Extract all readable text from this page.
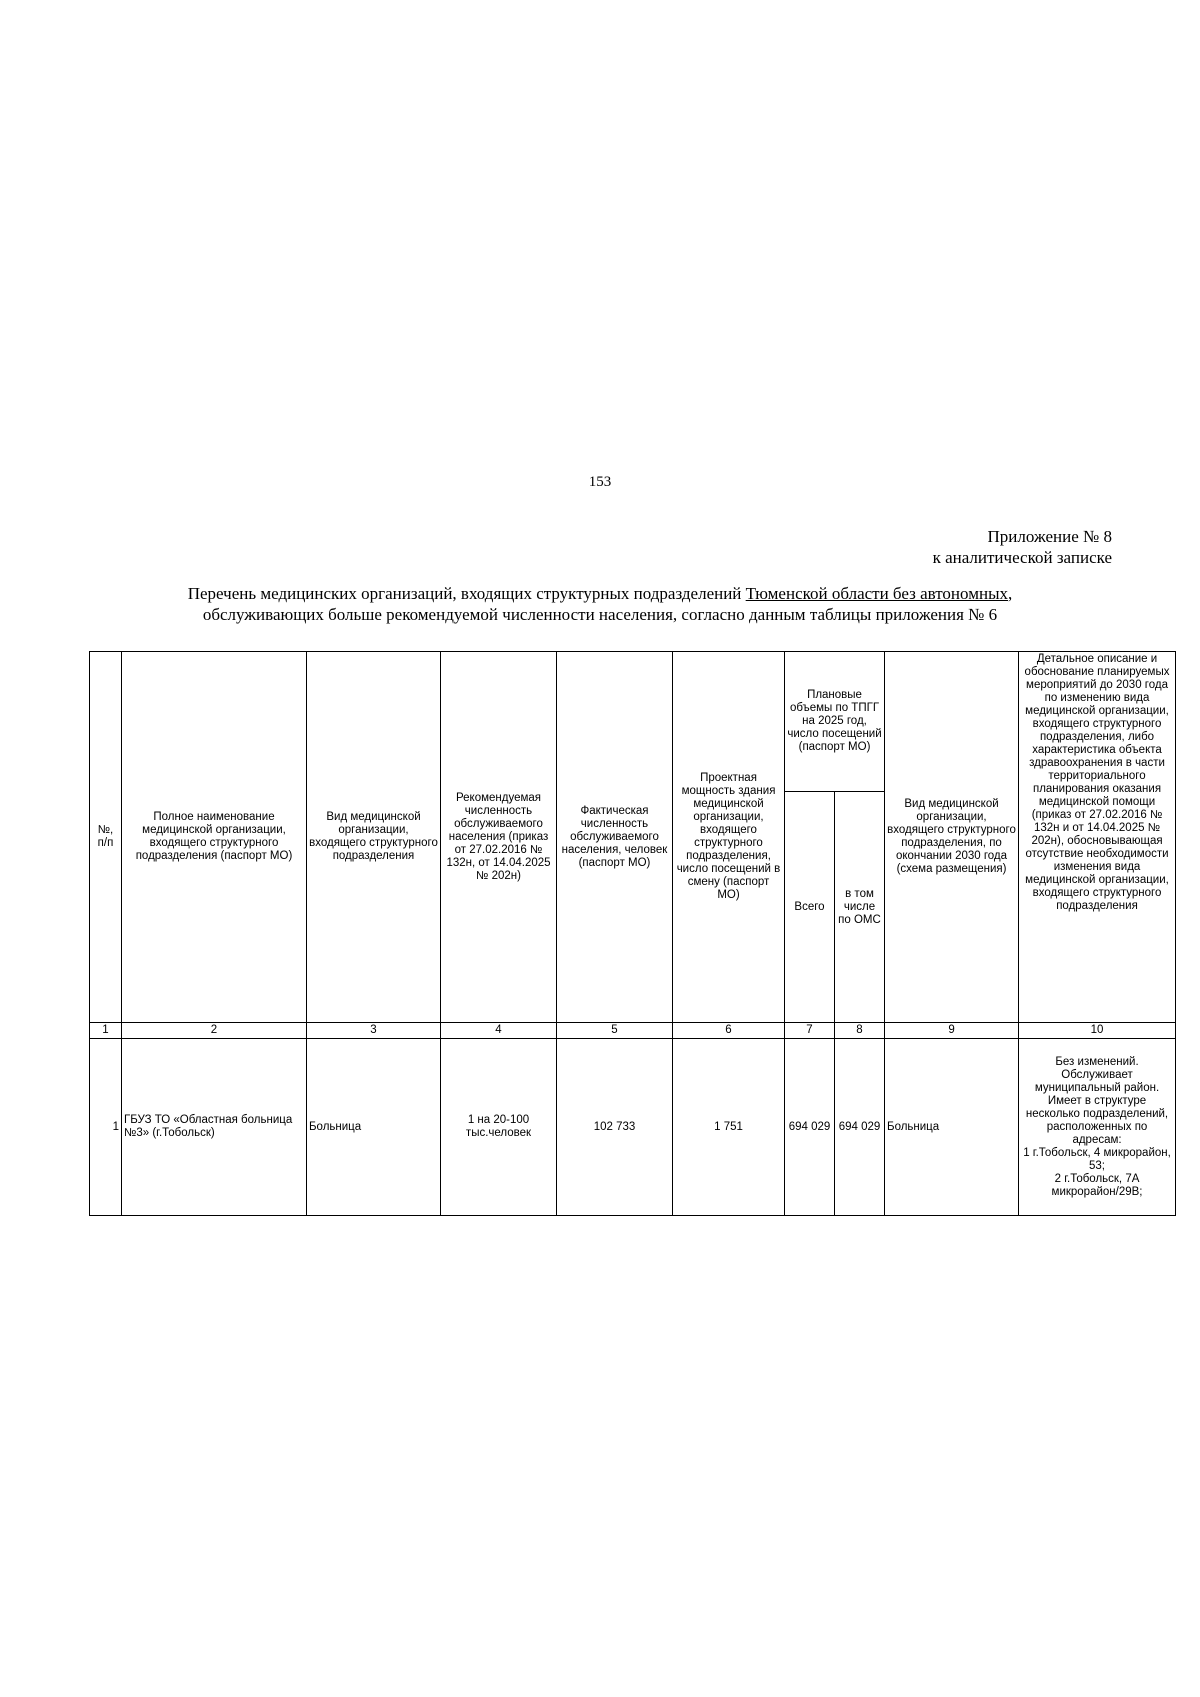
153
Приложение № 8
к аналитической записке
Перечень медицинских организаций, входящих структурных подразделений Тюменской области без автономных,
обслуживающих больше рекомендуемой численности населения, согласно данным таблицы приложения № 6
№, п/п	Полное наименование медицинской организации, входящего структурного подразделения (паспорт МО)	Вид медицинской организации, входящего структурного подразделения	Рекомендуемая численность обслуживаемого населения (приказ от 27.02.2016 № 132н, от 14.04.2025 № 202н)	Фактическая численность обслуживаемого населения, человек (паспорт МО)	Проектная мощность здания медицинской организации, входящего структурного подразделения, число посещений в смену (паспорт МО)	Плановые объемы по ТПГГ на 2025 год, число посещений (паспорт МО)		Вид медицинской организации, входящего структурного подразделения, по окончании 2030 года (схема размещения)	Детальное описание и обоснование планируемых мероприятий до 2030 года по изменению вида медицинской организации, входящего структурного подразделения, либо характеристика объекта здравоохранения в части территориального планирования оказания медицинской помощи (приказ от 27.02.2016 № 132н и от 14.04.2025 № 202н), обосновывающая отсутствие необходимости изменения вида медицинской организации, входящего структурного подразделения
						Всего	в том числе по ОМС		
1	2	3	4	5	6	7	8	9	10
1	ГБУЗ ТО «Областная больница №3» (г.Тобольск)	Больница	1 на 20-100 тыс.человек	102 733	1 751	694 029	694 029	Больница	Без изменений. Обслуживает муниципальный район. Имеет в структуре несколько подразделений, расположенных по адресам:
1 г.Тобольск, 4 микрорайон, 53;
2 г.Тобольск, 7А микрорайон/29В;
